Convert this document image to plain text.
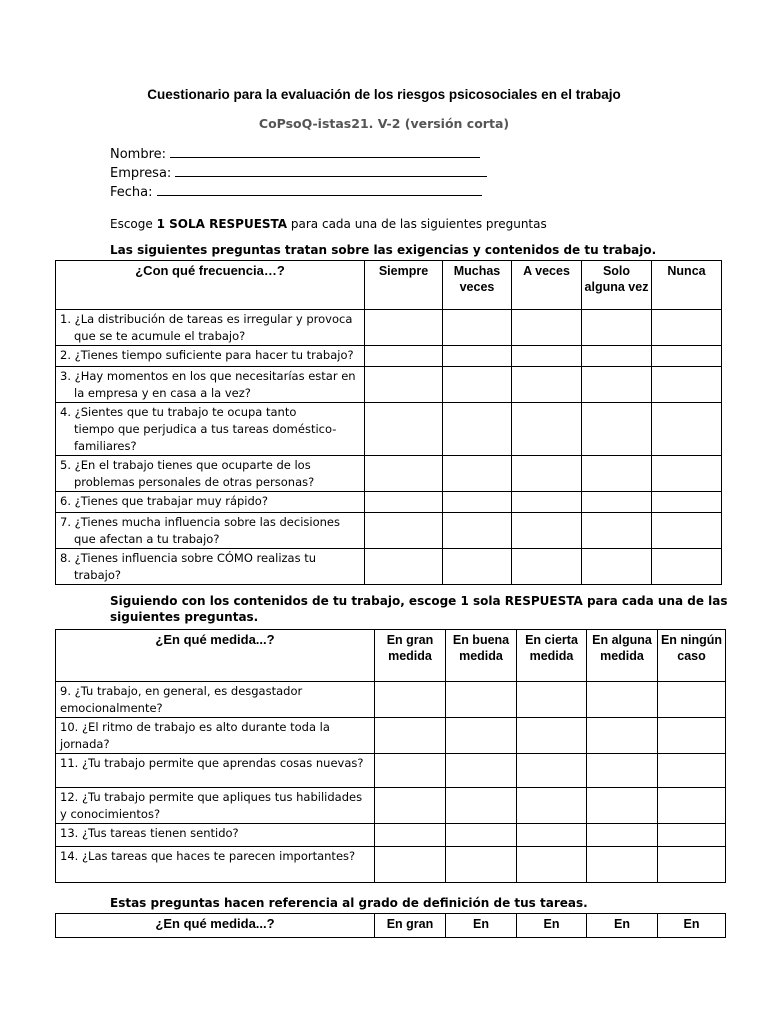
Cuestionario para la evaluación de los riesgos psicosociales en el trabajo
CoPsoQ-istas21. V-2 (versión corta)
Nombre:
Empresa:
Fecha:
Escoge 1 SOLA RESPUESTA para cada una de las siguientes preguntas
Las siguientes preguntas tratan sobre las exigencias y contenidos de tu trabajo.
¿Con qué frecuencia…?	Siempre	Muchas veces	A veces	Solo alguna vez	Nunca

1. ¿La distribución de tareas es irregular y provoca
que se te acumule el trabajo?					

2. ¿Tienes tiempo suficiente para hacer tu trabajo?					

3. ¿Hay momentos en los que necesitarías estar en
la empresa y en casa a la vez?					

4. ¿Sientes que tu trabajo te ocupa tanto
tiempo que perjudica a tus tareas doméstico-
familiares?					

5. ¿En el trabajo tienes que ocuparte de los
problemas personales de otras personas?					

6. ¿Tienes que trabajar muy rápido?					

7. ¿Tienes mucha influencia sobre las decisiones
que afectan a tu trabajo?					

8. ¿Tienes influencia sobre CÓMO realizas tu
trabajo?					

Siguiendo con los contenidos de tu trabajo, escoge 1 sola RESPUESTA para cada una de las
siguientes preguntas.
¿En qué medida...?	En gran medida	En buena medida	En cierta medida	En alguna medida	En ningún caso

9. ¿Tu trabajo, en general, es desgastador
emocionalmente?					

10. ¿El ritmo de trabajo es alto durante toda la
jornada?					

11. ¿Tu trabajo permite que aprendas cosas nuevas?					

12. ¿Tu trabajo permite que apliques tus habilidades
y conocimientos?					

13. ¿Tus tareas tienen sentido?					

14. ¿Las tareas que haces te parecen importantes?					

Estas preguntas hacen referencia al grado de definición de tus tareas.
¿En qué medida...?	En gran	En	En	En	En
